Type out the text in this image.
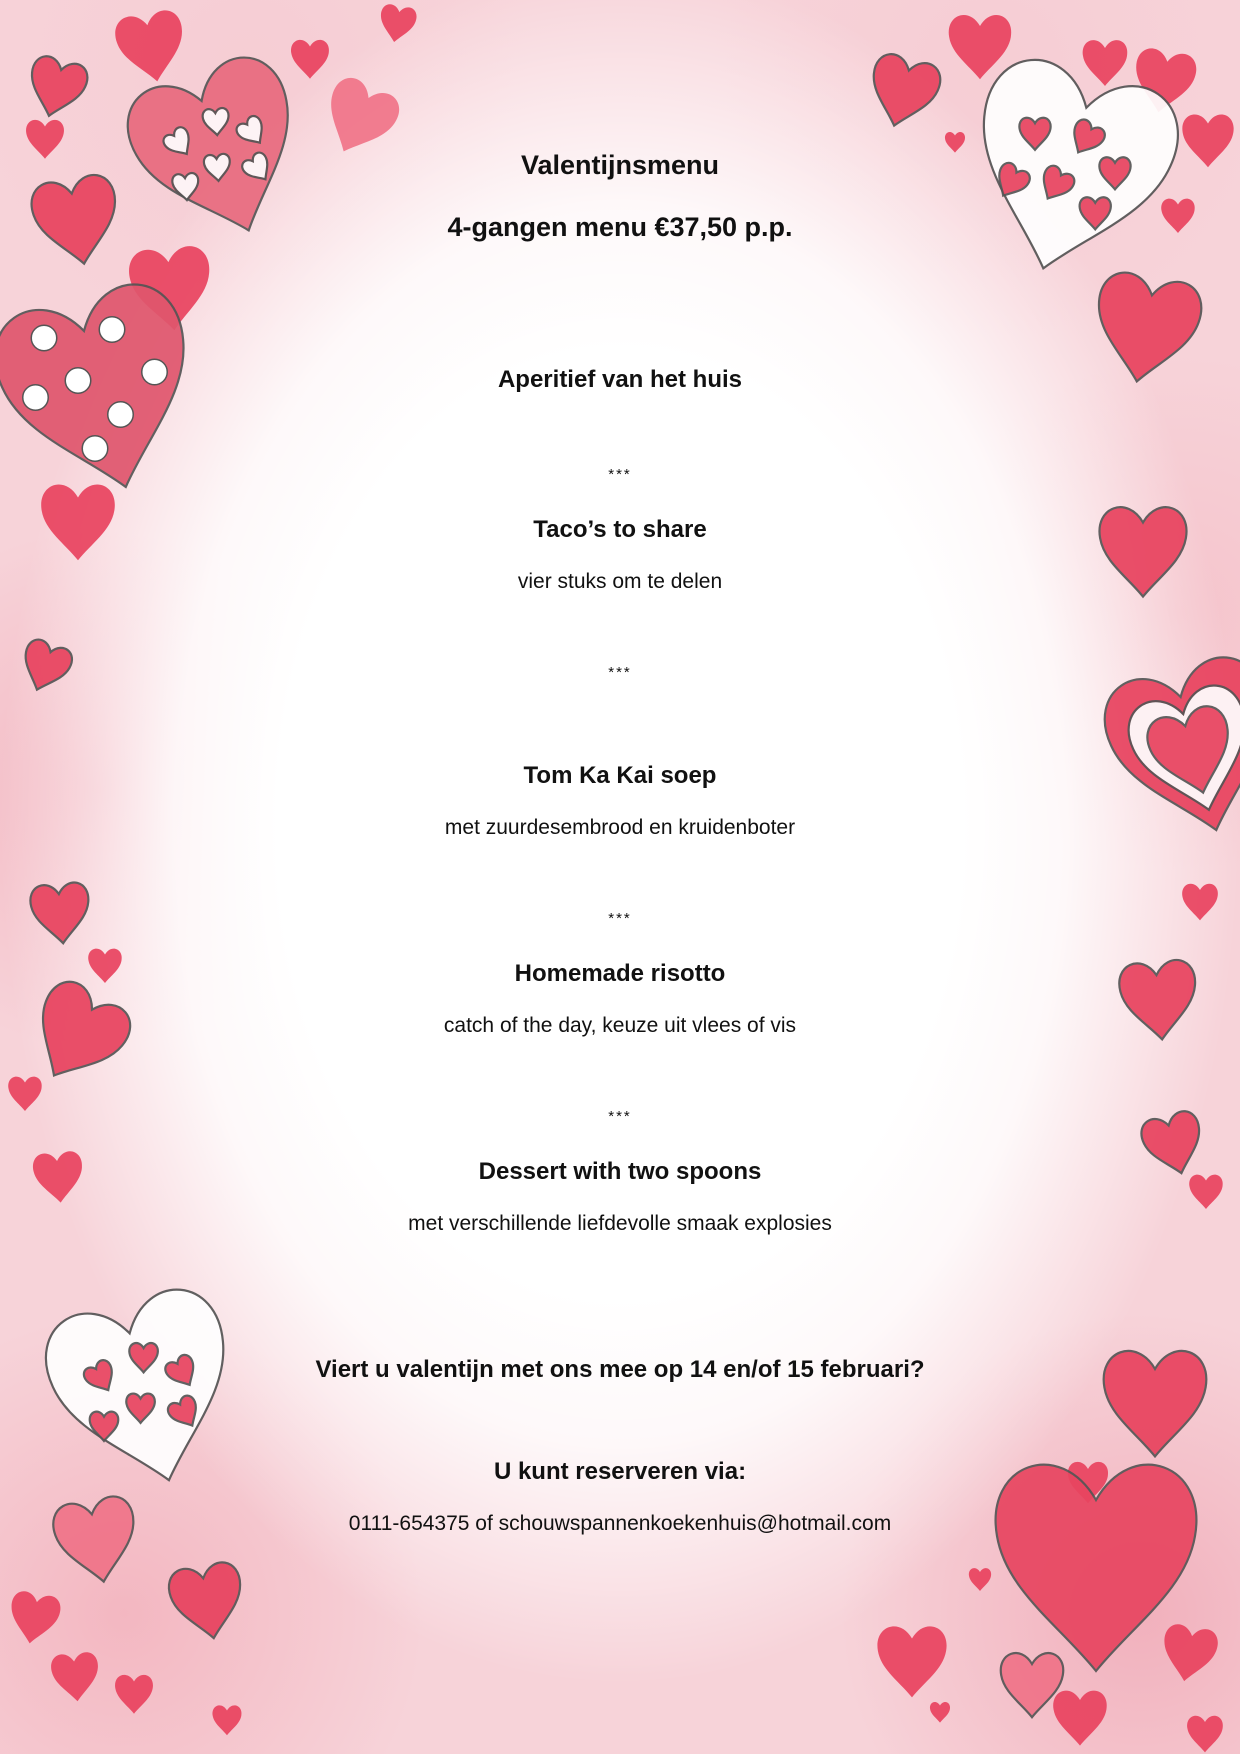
Valentijnsmenu

4-gangen menu €37,50 p.p.

Aperitief van het huis

***

Taco’s to share

vier stuks om te delen

***

Tom Ka Kai soep

met zuurdesembrood en kruidenboter

***

Homemade risotto

catch of the day, keuze uit vlees of vis

***

Dessert with two spoons

met verschillende liefdevolle smaak explosies

Viert u valentijn met ons mee op 14 en/of 15 februari?

U kunt reserveren via:

0111-654375 of schouwspannenkoekenhuis@hotmail.com
